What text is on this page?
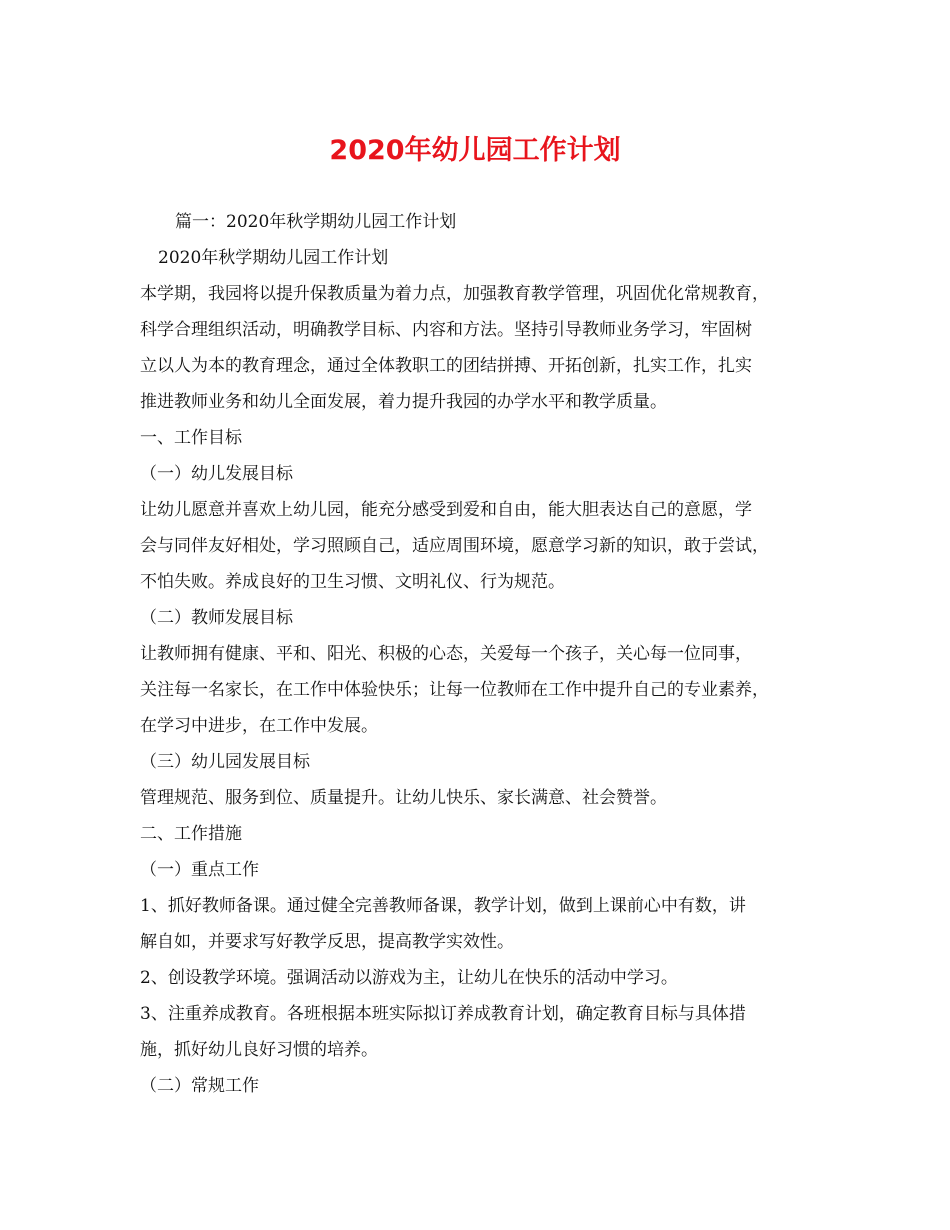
2020年幼儿园工作计划
篇一：2020年秋学期幼儿园工作计划
2020年秋学期幼儿园工作计划
本学期，我园将以提升保教质量为着力点，加强教育教学管理，巩固优化常规教育，
科学合理组织活动，明确教学目标、内容和方法。坚持引导教师业务学习，牢固树
立以人为本的教育理念，通过全体教职工的团结拼搏、开拓创新，扎实工作，扎实
推进教师业务和幼儿全面发展，着力提升我园的办学水平和教学质量。
一、工作目标
（一）幼儿发展目标
让幼儿愿意并喜欢上幼儿园，能充分感受到爱和自由，能大胆表达自己的意愿，学
会与同伴友好相处，学习照顾自己，适应周围环境，愿意学习新的知识，敢于尝试，
不怕失败。养成良好的卫生习惯、文明礼仪、行为规范。
（二）教师发展目标
让教师拥有健康、平和、阳光、积极的心态，关爱每一个孩子，关心每一位同事，
关注每一名家长，在工作中体验快乐；让每一位教师在工作中提升自己的专业素养，
在学习中进步，在工作中发展。
（三）幼儿园发展目标
管理规范、服务到位、质量提升。让幼儿快乐、家长满意、社会赞誉。
二、工作措施
（一）重点工作
1、抓好教师备课。通过健全完善教师备课，教学计划，做到上课前心中有数，讲
解自如，并要求写好教学反思，提高教学实效性。
2、创设教学环境。强调活动以游戏为主，让幼儿在快乐的活动中学习。
3、注重养成教育。各班根据本班实际拟订养成教育计划，确定教育目标与具体措
施，抓好幼儿良好习惯的培养。
（二）常规工作
